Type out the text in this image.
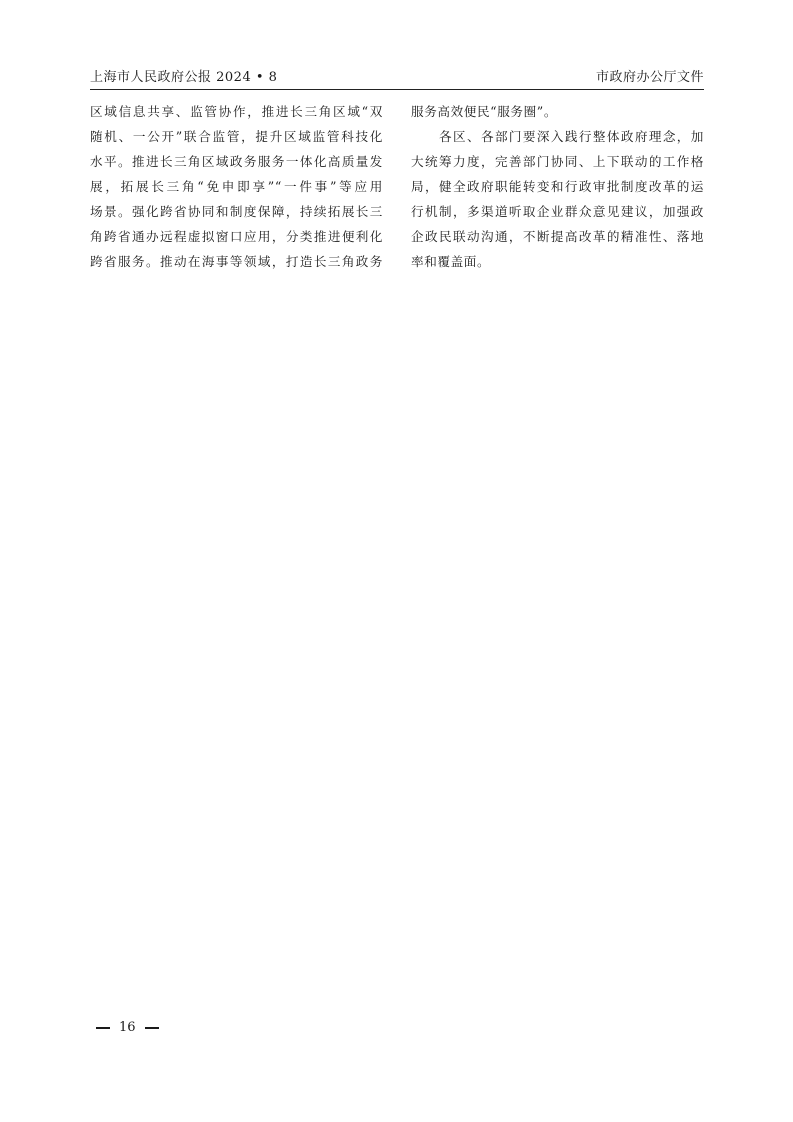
上海市人民政府公报 2024 • 8	市政府办公厅文件
区域信息共享、监管协作，推进长三角区域“双
随机、一公开”联合监管，提升区域监管科技化
水平。推进长三角区域政务服务一体化高质量发
展，拓展长三角“免申即享”“一件事”等应用
场景。强化跨省协同和制度保障，持续拓展长三
角跨省通办远程虚拟窗口应用，分类推进便利化
跨省服务。推动在海事等领域，打造长三角政务
服务高效便民“服务圈”。
　　各区、各部门要深入践行整体政府理念，加
大统筹力度，完善部门协同、上下联动的工作格
局，健全政府职能转变和行政审批制度改革的运
行机制，多渠道听取企业群众意见建议，加强政
企政民联动沟通，不断提高改革的精准性、落地
率和覆盖面。
16
